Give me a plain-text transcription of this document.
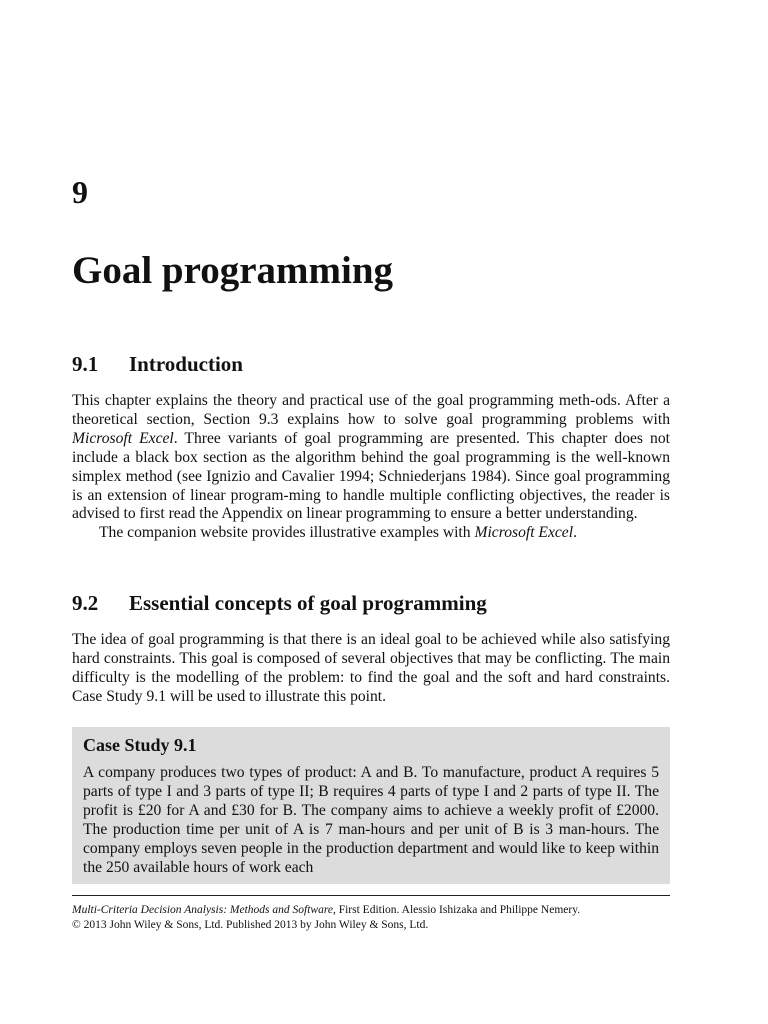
9
Goal programming
9.1 Introduction

This chapter explains the theory and practical use of the goal programming meth-ods. After a theoretical section, Section 9.3 explains how to solve goal programming problems with Microsoft Excel. Three variants of goal programming are presented. This chapter does not include a black box section as the algorithm behind the goal programming is the well-known simplex method (see Ignizio and Cavalier 1994; Schniederjans 1984). Since goal programming is an extension of linear program-ming to handle multiple conflicting objectives, the reader is advised to first read the Appendix on linear programming to ensure a better understanding.

The companion website provides illustrative examples with Microsoft Excel.

9.2 Essential concepts of goal programming

The idea of goal programming is that there is an ideal goal to be achieved while also satisfying hard constraints. This goal is composed of several objectives that may be conflicting. The main difficulty is the modelling of the problem: to find the goal and the soft and hard constraints. Case Study 9.1 will be used to illustrate this point.

Case Study 9.1

A company produces two types of product: A and B. To manufacture, product A requires 5 parts of type I and 3 parts of type II; B requires 4 parts of type I and 2 parts of type II. The profit is £20 for A and £30 for B. The company aims to achieve a weekly profit of £2000. The production time per unit of A is 7 man-hours and per unit of B is 3 man-hours. The company employs seven people in the production department and would like to keep within the 250 available hours of work each

Multi-Criteria Decision Analysis: Methods and Software, First Edition. Alessio Ishizaka and Philippe Nemery.
© 2013 John Wiley & Sons, Ltd. Published 2013 by John Wiley & Sons, Ltd.
